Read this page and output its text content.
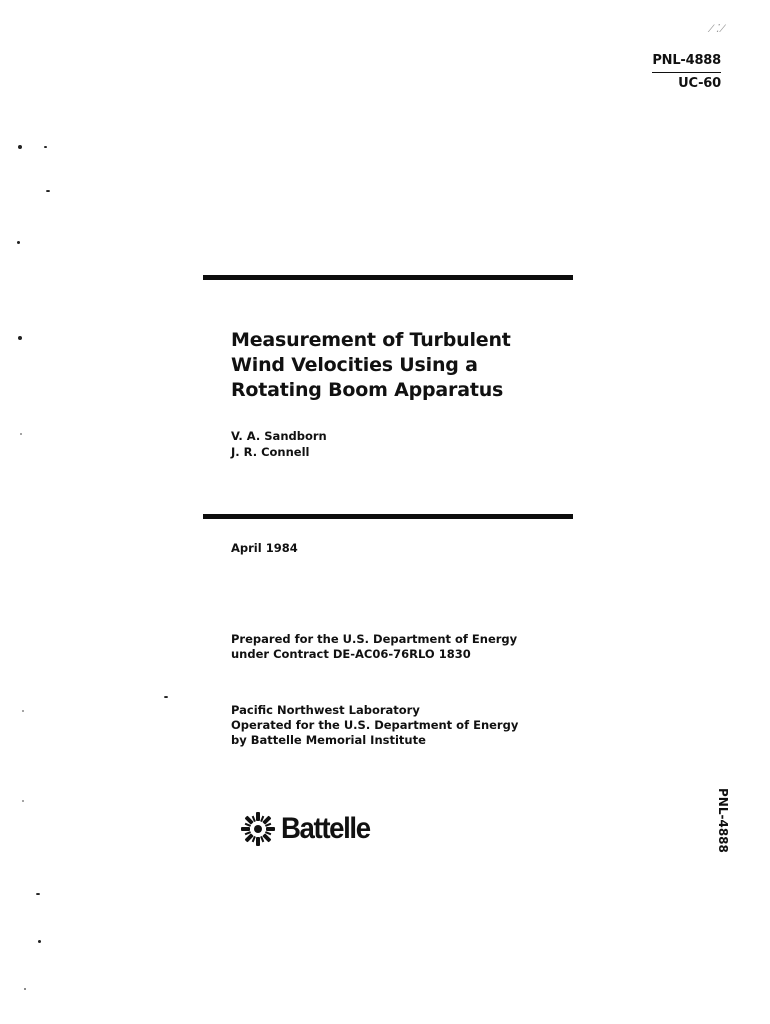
⁄ ⁚ ⁄
PNL-4888
UC-60
Measurement of Turbulent
Wind Velocities Using a
Rotating Boom Apparatus
V. A. Sandborn
J. R. Connell
April 1984
Prepared for the U.S. Department of Energy
under Contract DE-AC06-76RLO 1830
Pacific Northwest Laboratory
Operated for the U.S. Department of Energy
by Battelle Memorial Institute
Battelle	PNL-4888
